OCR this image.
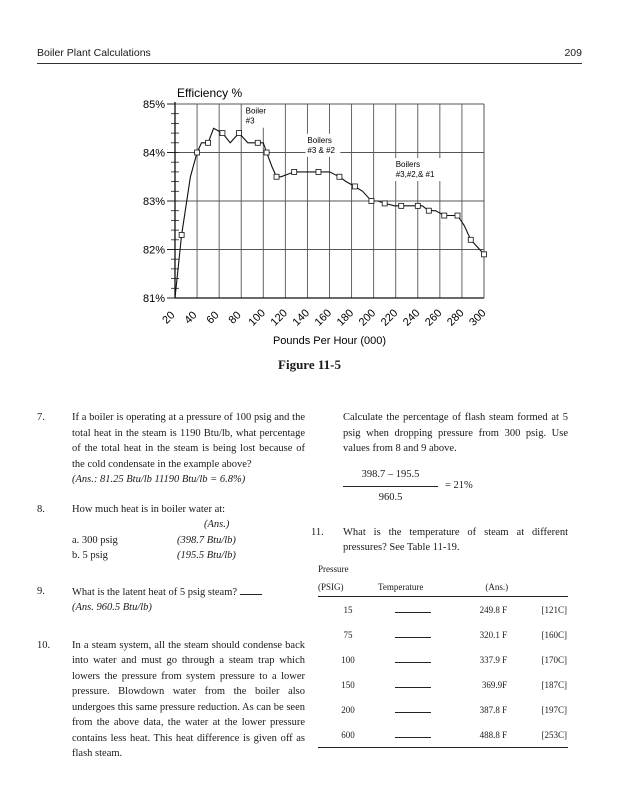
Boiler Plant Calculations	209
20 40 60 80 100 120 140 160 180 200 220 240 260 280 300
81%
82%
83%
84%
85%
Boiler
#3
Boilers
#3 & #2
Boilers
#3,#2,& #1
Efficiency %
Pounds Per Hour (000)
Figure 11-5
7.	If a boiler is operating at a pressure of 100 psig and the total heat in the steam is 1190 Btu/lb, what percentage of the total heat in the steam is being lost because of the cold condensate in the example above?
(Ans.: 81.25 Btu/lb 11190 Btu/lb = 6.8%)
8.	How much heat is in boiler water at:
(Ans.)
a. 300 psig	(398.7 Btu/lb)
b. 5 psig	(195.5 Btu/lb)
9.	What is the latent heat of 5 psig steam?
(Ans. 960.5 Btu/lb)
10. In a steam system, all the steam should condense back into water and must go through a steam trap which lowers the pressure from system pressure to a lower pressure. Blowdown water from the boiler also undergoes this same pressure reduction. As can be seen from the above data, the water at the lower pressure contains less heat. This heat difference is given off as flash steam.
Calculate the percentage of flash steam formed at 5 psig when dropping pressure from 300 psig. Use values from 8 and 9 above.
398.7 – 195.5
960.5
= 21%
11. What is the temperature of steam at different pressures? See Table 11-19.
Pressure			
(PSIG)	Temperature	(Ans.)	
15		249.8 F	[121C]
75		320.1 F	[160C]
100		337.9 F	[170C]
150		369.9F	[187C]
200		387.8 F	[197C]
600		488.8 F	[253C]
